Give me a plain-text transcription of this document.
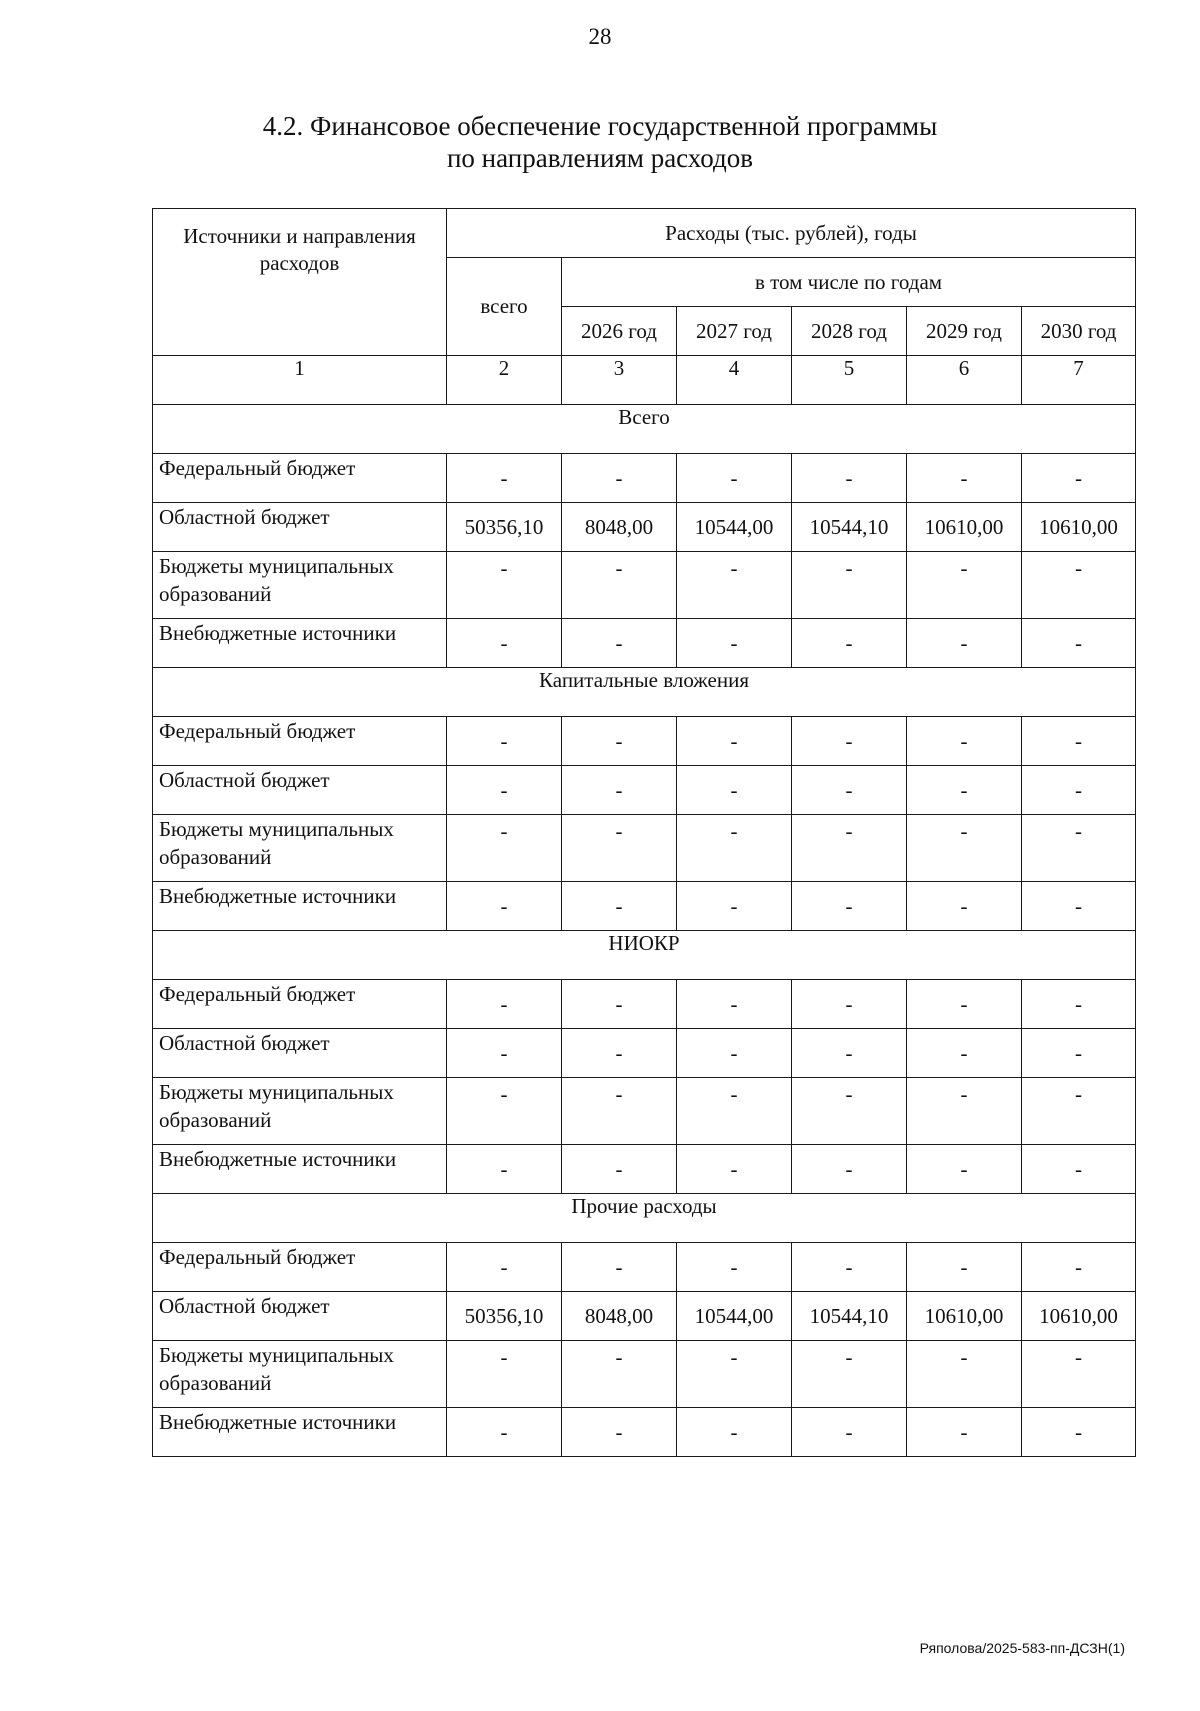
28
4.2. Финансовое обеспечение государственной программы
по направлениям расходов
Источники и направления расходов	Расходы (тыс. рублей), годы					
	всего	в том числе по годам				
		2026 год	2027 год	2028 год	2029 год	2030 год
1	2	3	4	5	6	7
Всего						
Федеральный бюджет	-	-	-	-	-	-
Областной бюджет	50356,10	8048,00	10544,00	10544,10	10610,00	10610,00
Бюджеты муниципальных образований	-	-	-	-	-	-
Внебюджетные источники	-	-	-	-	-	-
Капитальные вложения						
Федеральный бюджет	-	-	-	-	-	-
Областной бюджет	-	-	-	-	-	-
Бюджеты муниципальных образований	-	-	-	-	-	-
Внебюджетные источники	-	-	-	-	-	-
НИОКР						
Федеральный бюджет	-	-	-	-	-	-
Областной бюджет	-	-	-	-	-	-
Бюджеты муниципальных образований	-	-	-	-	-	-
Внебюджетные источники	-	-	-	-	-	-
Прочие расходы						
Федеральный бюджет	-	-	-	-	-	-
Областной бюджет	50356,10	8048,00	10544,00	10544,10	10610,00	10610,00
Бюджеты муниципальных образований	-	-	-	-	-	-
Внебюджетные источники	-	-	-	-	-	-
Ряполова/2025-583-пп-ДСЗН(1)
